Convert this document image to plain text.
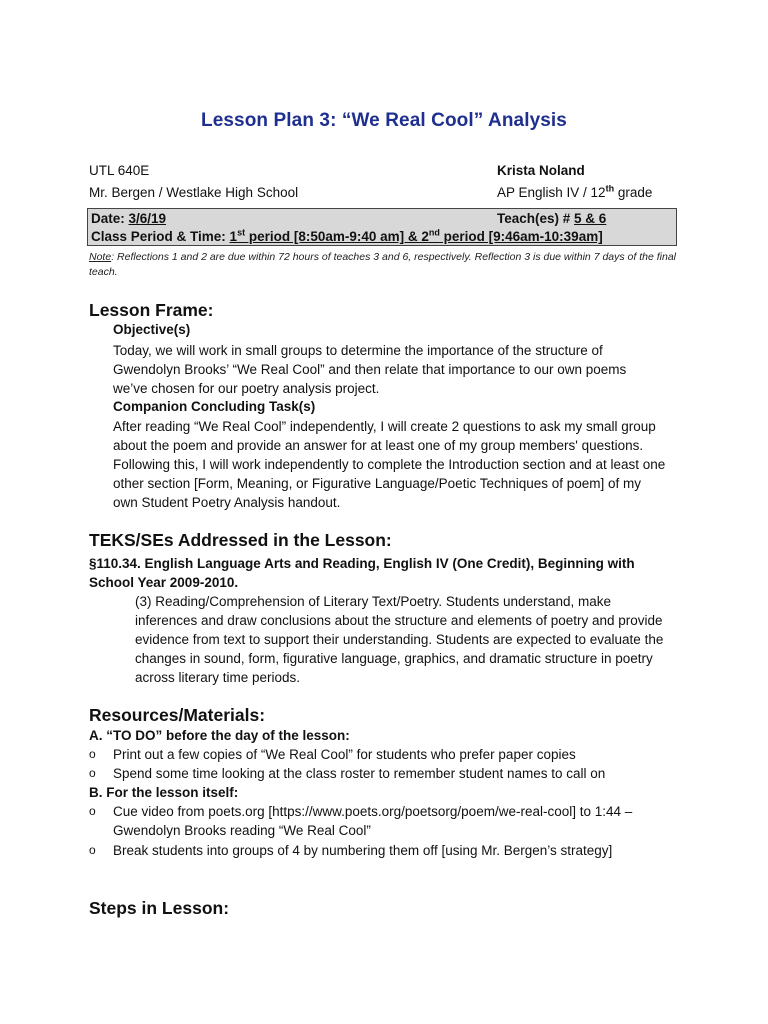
Lesson Plan 3: “We Real Cool” Analysis
UTL 640E	Krista Noland
Mr. Bergen / Westlake High School	AP English IV / 12th grade
Date: 3/6/19	Teach(es) # 5 & 6
Class Period & Time: 1st period [8:50am-9:40 am] & 2nd period [9:46am-10:39am]
Note: Reflections 1 and 2 are due within 72 hours of teaches 3 and 6, respectively. Reflection 3 is due within 7 days of the final teach.
Lesson Frame:
Objective(s)
Today, we will work in small groups to determine the importance of the structure of Gwendolyn Brooks’ “We Real Cool” and then relate that importance to our own poems we’ve chosen for our poetry analysis project.
Companion Concluding Task(s)
After reading “We Real Cool” independently, I will create 2 questions to ask my small group about the poem and provide an answer for at least one of my group members' questions. Following this, I will work independently to complete the Introduction section and at least one other section [Form, Meaning, or Figurative Language/Poetic Techniques of poem] of my own Student Poetry Analysis handout.
TEKS/SEs Addressed in the Lesson:
§110.34. English Language Arts and Reading, English IV (One Credit), Beginning with School Year 2009-2010.
(3) Reading/Comprehension of Literary Text/Poetry. Students understand, make inferences and draw conclusions about the structure and elements of poetry and provide evidence from text to support their understanding. Students are expected to evaluate the changes in sound, form, figurative language, graphics, and dramatic structure in poetry across literary time periods.
Resources/Materials:
A. “TO DO” before the day of the lesson:
o Print out a few copies of “We Real Cool” for students who prefer paper copies
o Spend some time looking at the class roster to remember student names to call on
B. For the lesson itself:
o Cue video from poets.org [https://www.poets.org/poetsorg/poem/we-real-cool] to 1:44 – Gwendolyn Brooks reading “We Real Cool”
o Break students into groups of 4 by numbering them off [using Mr. Bergen’s strategy]
Steps in Lesson:
